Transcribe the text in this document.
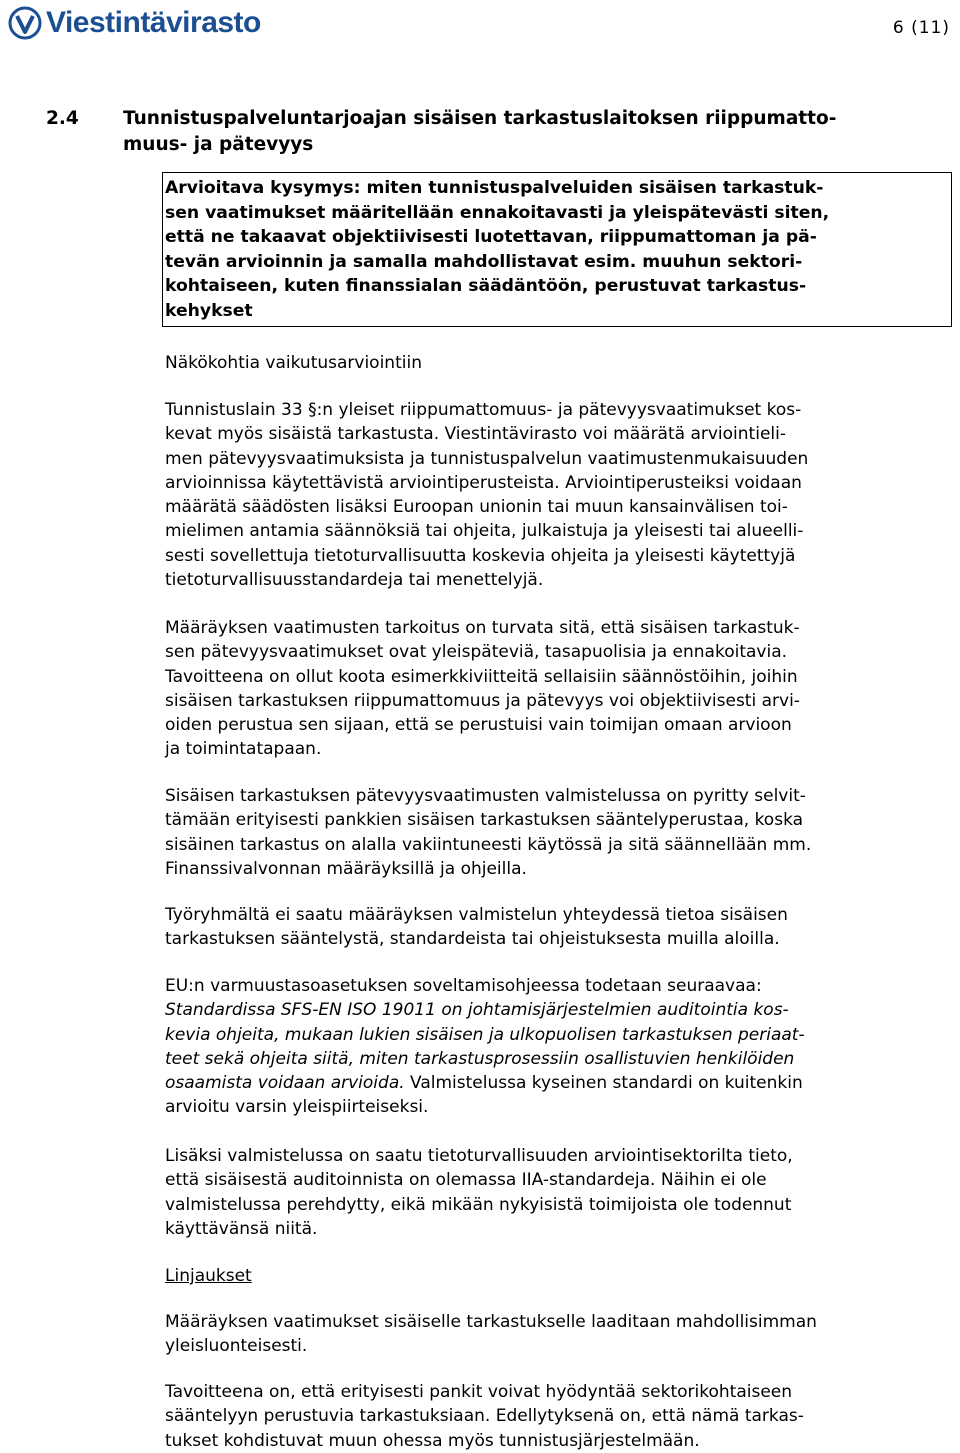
Viestintävirasto	6 (11)
2.4 Tunnistuspalveluntarjoajan sisäisen tarkastuslaitoksen riippumatto-
muus- ja pätevyys
Arvioitava kysymys: miten tunnistuspalveluiden sisäisen tarkastuk-
sen vaatimukset määritellään ennakoitavasti ja yleispätevästi siten,
että ne takaavat objektiivisesti luotettavan, riippumattoman ja pä-
tevän arvioinnin ja samalla mahdollistavat esim. muuhun sektori-
kohtaiseen, kuten finanssialan säädäntöön, perustuvat tarkastus-
kehykset
Näkökohtia vaikutusarviointiin
Tunnistuslain 33 §:n yleiset riippumattomuus- ja pätevyysvaatimukset kos-
kevat myös sisäistä tarkastusta. Viestintävirasto voi määrätä arviointieli-
men pätevyysvaatimuksista ja tunnistuspalvelun vaatimustenmukaisuuden
arvioinnissa käytettävistä arviointiperusteista. Arviointiperusteiksi voidaan
määrätä säädösten lisäksi Euroopan unionin tai muun kansainvälisen toi-
mielimen antamia säännöksiä tai ohjeita, julkaistuja ja yleisesti tai alueelli-
sesti sovellettuja tietoturvallisuutta koskevia ohjeita ja yleisesti käytettyjä
tietoturvallisuusstandardeja tai menettelyjä.
Määräyksen vaatimusten tarkoitus on turvata sitä, että sisäisen tarkastuk-
sen pätevyysvaatimukset ovat yleispäteviä, tasapuolisia ja ennakoitavia.
Tavoitteena on ollut koota esimerkkiviitteitä sellaisiin säännöstöihin, joihin
sisäisen tarkastuksen riippumattomuus ja pätevyys voi objektiivisesti arvi-
oiden perustua sen sijaan, että se perustuisi vain toimijan omaan arvioon
ja toimintatapaan.
Sisäisen tarkastuksen pätevyysvaatimusten valmistelussa on pyritty selvit-
tämään erityisesti pankkien sisäisen tarkastuksen sääntelyperustaa, koska
sisäinen tarkastus on alalla vakiintuneesti käytössä ja sitä säännellään mm.
Finanssivalvonnan määräyksillä ja ohjeilla.
Työryhmältä ei saatu määräyksen valmistelun yhteydessä tietoa sisäisen
tarkastuksen sääntelystä, standardeista tai ohjeistuksesta muilla aloilla.
EU:n varmuustasoasetuksen soveltamisohjeessa todetaan seuraavaa:
Standardissa SFS-EN ISO 19011 on johtamisjärjestelmien auditointia kos-
kevia ohjeita, mukaan lukien sisäisen ja ulkopuolisen tarkastuksen periaat-
teet sekä ohjeita siitä, miten tarkastusprosessiin osallistuvien henkilöiden
osaamista voidaan arvioida. Valmistelussa kyseinen standardi on kuitenkin
arvioitu varsin yleispiirteiseksi.
Lisäksi valmistelussa on saatu tietoturvallisuuden arviointisektorilta tieto,
että sisäisestä auditoinnista on olemassa IIA-standardeja. Näihin ei ole
valmistelussa perehdytty, eikä mikään nykyisistä toimijoista ole todennut
käyttävänsä niitä.
Linjaukset
Määräyksen vaatimukset sisäiselle tarkastukselle laaditaan mahdollisimman
yleisluonteisesti.
Tavoitteena on, että erityisesti pankit voivat hyödyntää sektorikohtaiseen
sääntelyyn perustuvia tarkastuksiaan. Edellytyksenä on, että nämä tarkas-
tukset kohdistuvat muun ohessa myös tunnistusjärjestelmään.
